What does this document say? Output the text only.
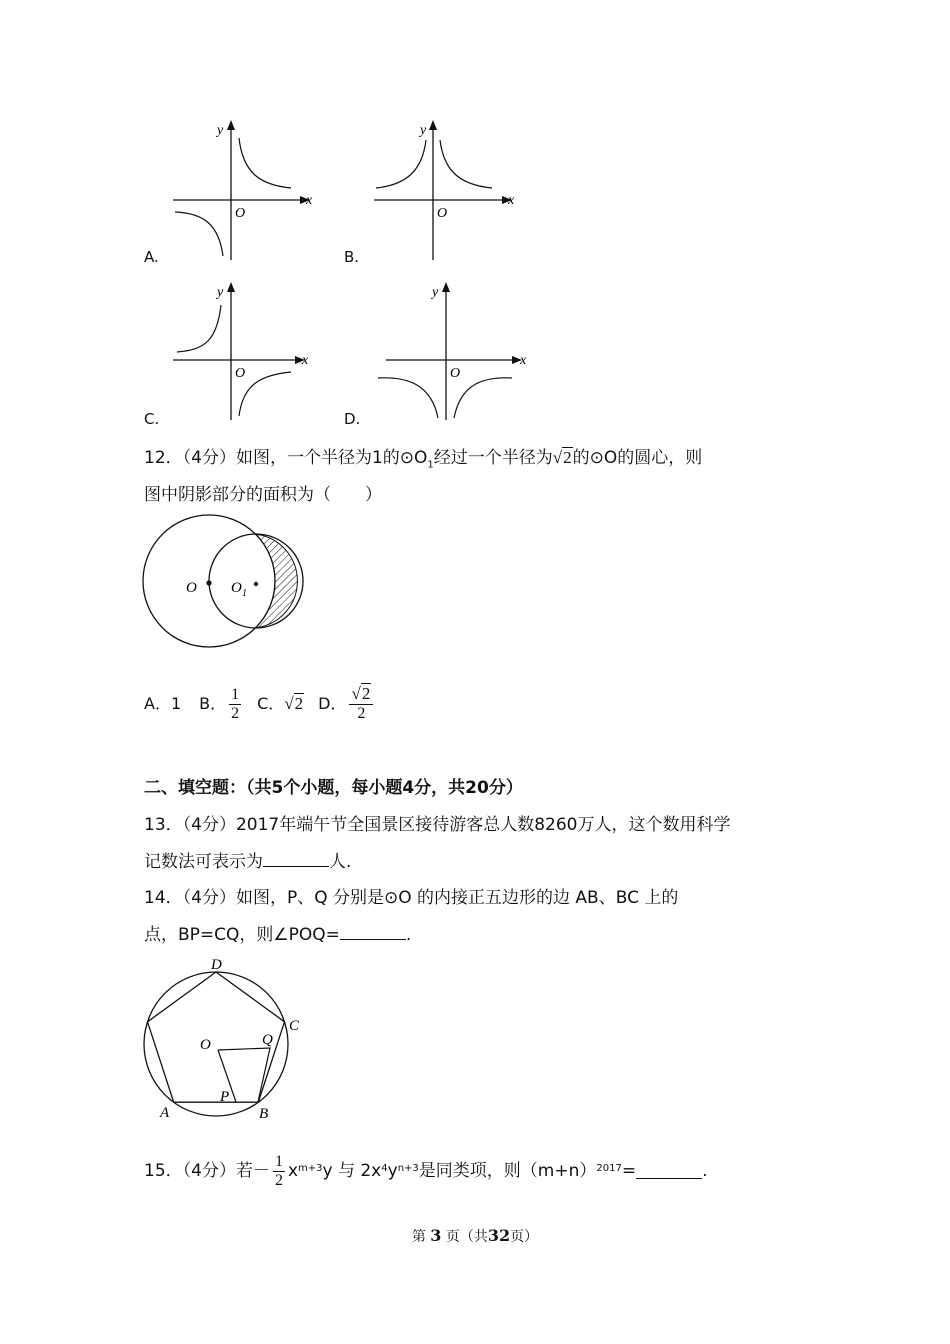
y
x
O
A.
y
x
O
B.
y
x
O
C.
y
x
O
D.
12．（4分）如图，一个半径为1的$⊙O_1$经过一个半径为√2的⊙O的圆心，则
图中阴影部分的面积为（　　）
O O 1
A． 1 B． $\frac{1}{2}$ C． √2 D． $\frac{√2}{2}$
二、填空题：（共5个小题，每小题4分，共20分）
13．（4分）2017年端午节全国景区接待游客总人数8260万人，这个数用科学
记数法可表示为	人.
14．（4分）如图，P、Q 分别是⊙O 的内接正五边形的边 AB、BC 上的
点，BP=CQ，则∠POQ=	.
D
C
O	Q
A
P
B
15．（4分）若－ $\frac{1}{2}$ x m+3 y 与 2x 4 y n+3 是同类项，则（m+n） 2017 =	.
第 3 页（共32页）
